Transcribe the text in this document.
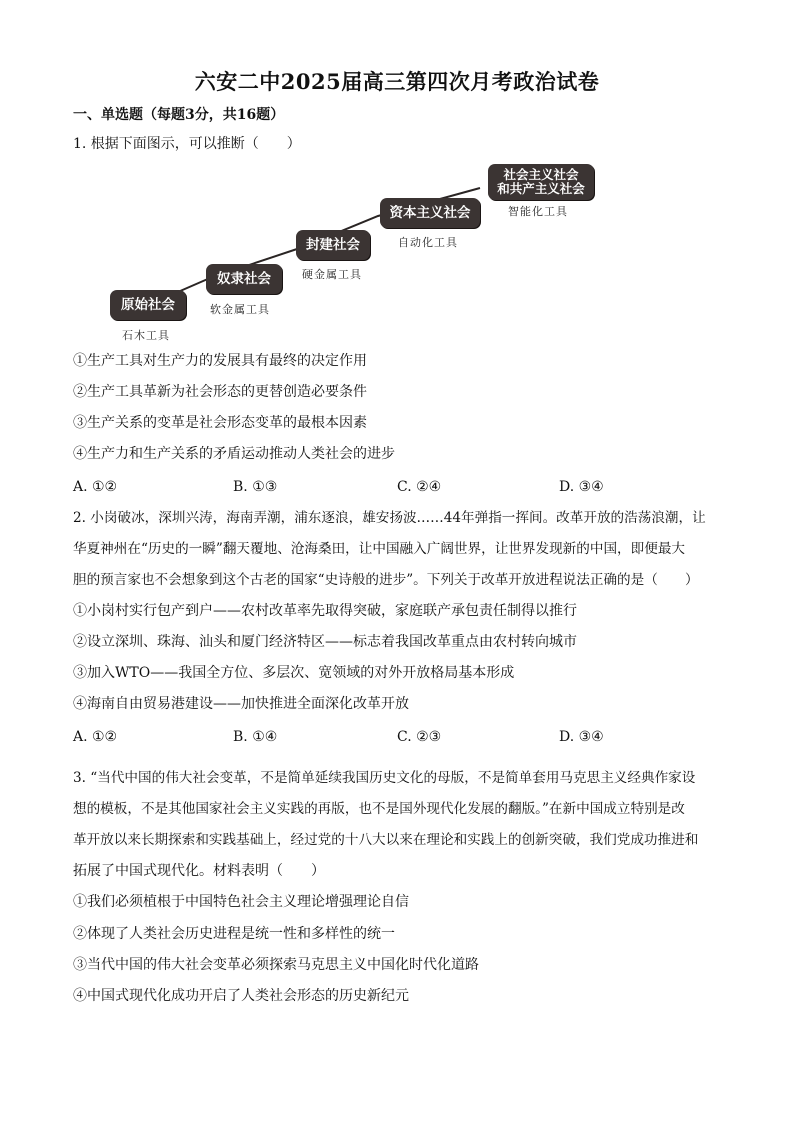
六安二中2025届高三第四次月考政治试卷
一、单选题（每题3分，共16题）
1. 根据下面图示，可以推断（　　）
原始社会
石木工具
奴隶社会
软金属工具
封建社会
硬金属工具
资本主义社会
自动化工具
社会主义社会
和共产主义社会
智能化工具
①生产工具对生产力的发展具有最终的决定作用
②生产工具革新为社会形态的更替创造必要条件
③生产关系的变革是社会形态变革的最根本因素
④生产力和生产关系的矛盾运动推动人类社会的进步
A. ①②	B. ①③	C. ②④	D. ③④
2. 小岗破冰，深圳兴涛，海南弄潮，浦东逐浪，雄安扬波……44年弹指一挥间。改革开放的浩荡浪潮，让
华夏神州在“历史的一瞬”翻天覆地、沧海桑田，让中国融入广阔世界，让世界发现新的中国，即便最大
胆的预言家也不会想象到这个古老的国家“史诗般的进步”。下列关于改革开放进程说法正确的是（　　）
①小岗村实行包产到户——农村改革率先取得突破，家庭联产承包责任制得以推行
②设立深圳、珠海、汕头和厦门经济特区——标志着我国改革重点由农村转向城市
③加入WTO——我国全方位、多层次、宽领域的对外开放格局基本形成
④海南自由贸易港建设——加快推进全面深化改革开放
A. ①②	B. ①④	C. ②③	D. ③④
3. “当代中国的伟大社会变革，不是简单延续我国历史文化的母版，不是简单套用马克思主义经典作家设
想的模板，不是其他国家社会主义实践的再版，也不是国外现代化发展的翻版。”在新中国成立特别是改
革开放以来长期探索和实践基础上，经过党的十八大以来在理论和实践上的创新突破，我们党成功推进和
拓展了中国式现代化。材料表明（　　）
①我们必须植根于中国特色社会主义理论增强理论自信
②体现了人类社会历史进程是统一性和多样性的统一
③当代中国的伟大社会变革必须探索马克思主义中国化时代化道路
④中国式现代化成功开启了人类社会形态的历史新纪元
